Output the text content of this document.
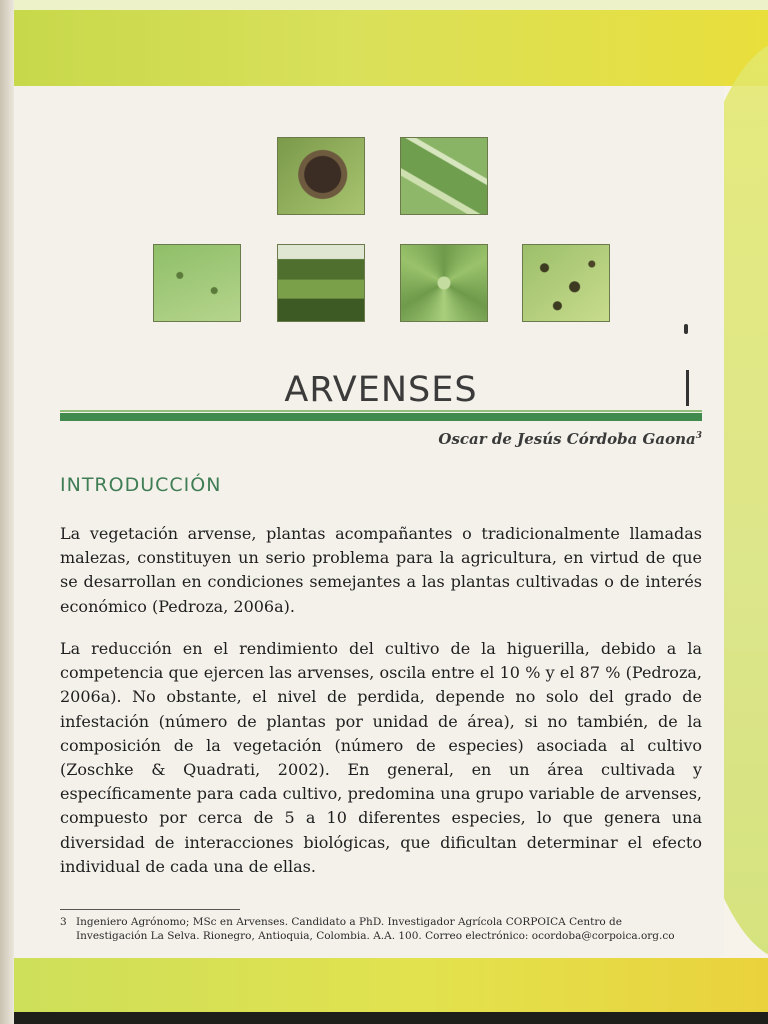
ARVENSES
Oscar de Jesús Córdoba Gaona$^3$
INTRODUCCIÓN

La vegetación arvense, plantas acompañantes o tradicionalmente llamadas malezas, constituyen un serio problema para la agricultura, en virtud de que se desarrollan en condiciones semejantes a las plantas cultivadas o de interés económico (Pedroza, 2006a).

La reducción en el rendimiento del cultivo de la higuerilla, debido a la competencia que ejercen las arvenses, oscila entre el 10 % y el 87 % (Pedroza, 2006a). No obstante, el nivel de perdida, depende no solo del grado de infestación (número de plantas por unidad de área), si no también, de la composición de la vegetación (número de especies) asociada al cultivo (Zoschke & Quadrati, 2002). En general, en un área cultivada y específicamente para cada cultivo, predomina una grupo variable de arvenses, compuesto por cerca de 5 a 10 diferentes especies, lo que genera una diversidad de interacciones biológicas, que dificultan determinar el efecto individual de cada una de ellas.

3 Ingeniero Agrónomo; MSc en Arvenses. Candidato a PhD. Investigador Agrícola CORPOICA Centro de Investigación La Selva. Rionegro, Antioquia, Colombia. A.A. 100. Correo electrónico: ocordoba@corpoica.org.co
